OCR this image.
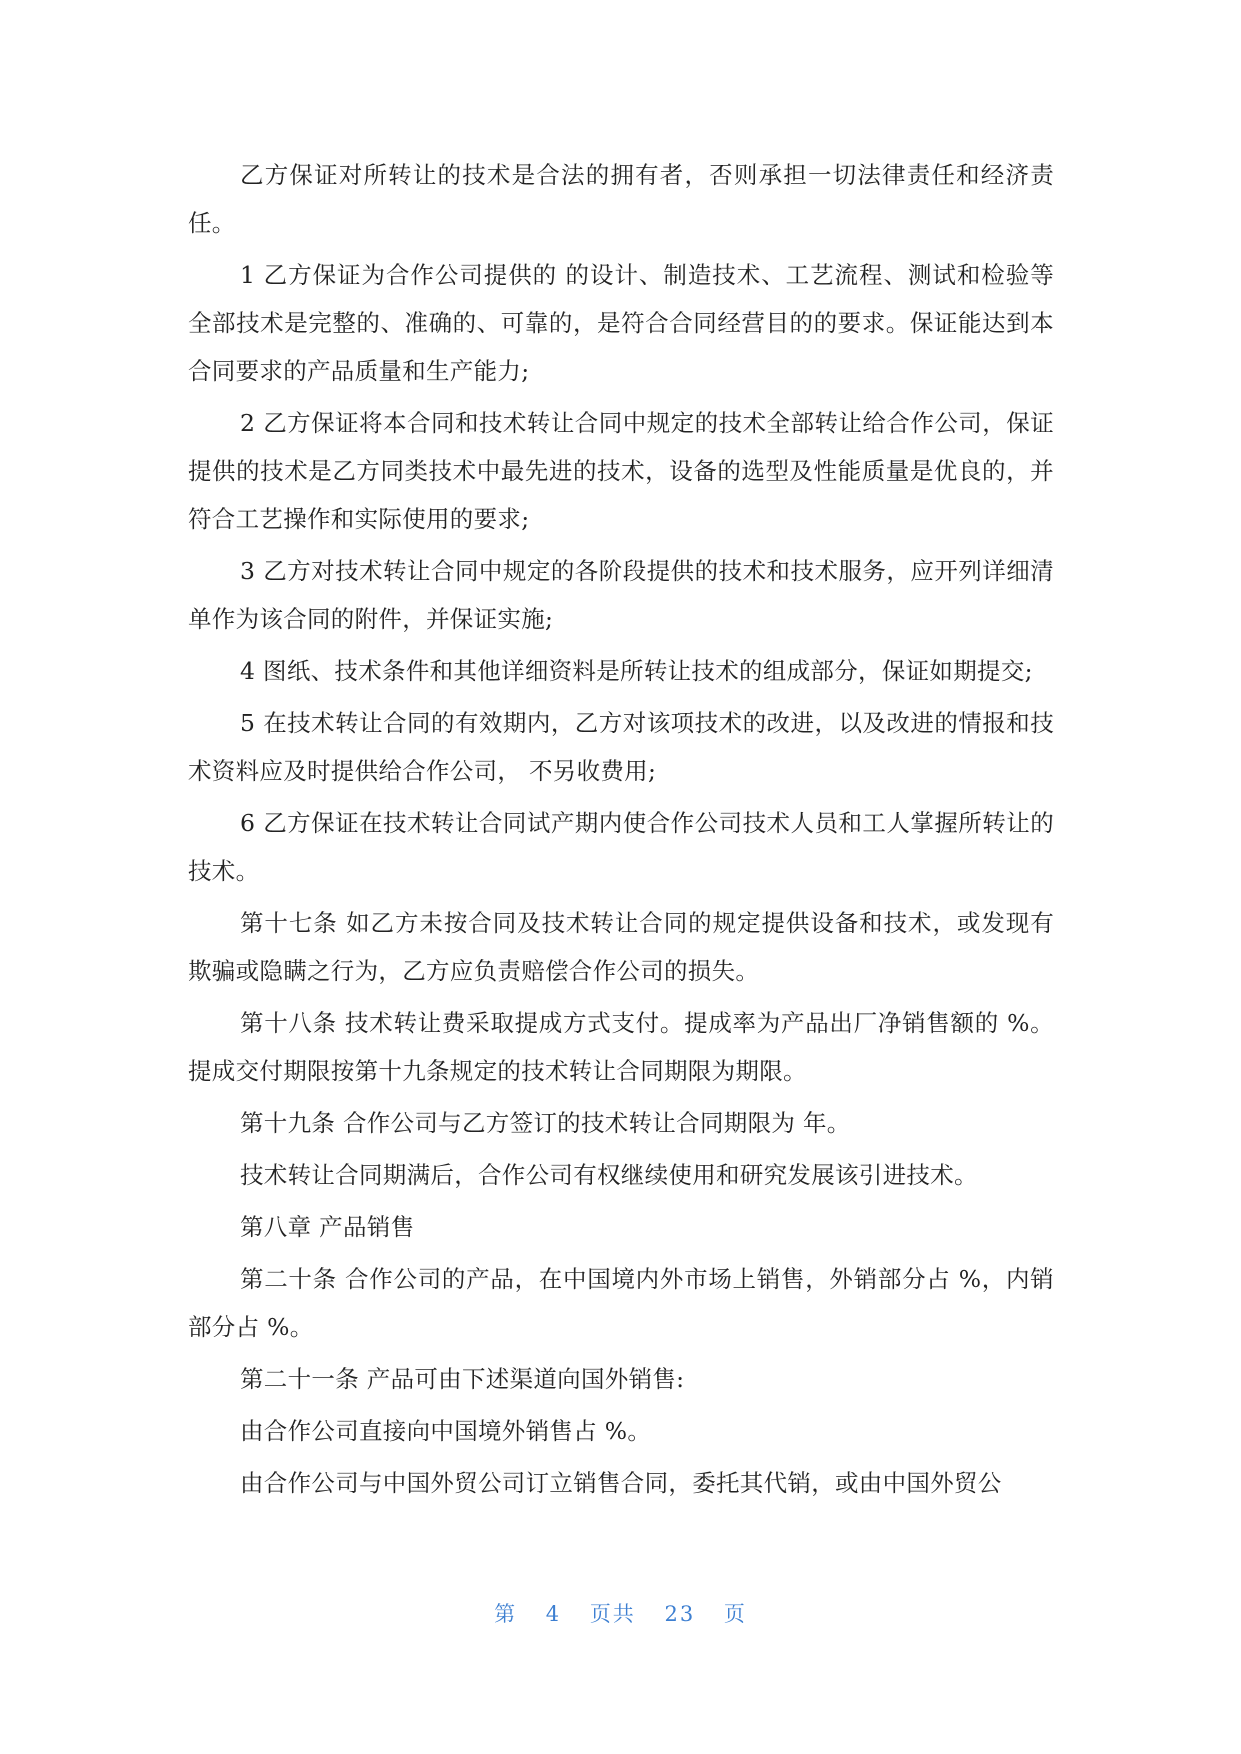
乙方保证对所转让的技术是合法的拥有者，否则承担一切法律责任和经济责任。

1 乙方保证为合作公司提供的 的设计、制造技术、工艺流程、测试和检验等全部技术是完整的、准确的、可靠的，是符合合同经营目的的要求。保证能达到本合同要求的产品质量和生产能力;

2 乙方保证将本合同和技术转让合同中规定的技术全部转让给合作公司，保证提供的技术是乙方同类技术中最先进的技术，设备的选型及性能质量是优良的，并符合工艺操作和实际使用的要求;

3 乙方对技术转让合同中规定的各阶段提供的技术和技术服务，应开列详细清单作为该合同的附件，并保证实施;

4 图纸、技术条件和其他详细资料是所转让技术的组成部分，保证如期提交;

5 在技术转让合同的有效期内，乙方对该项技术的改进，以及改进的情报和技术资料应及时提供给合作公司， 不另收费用;

6 乙方保证在技术转让合同试产期内使合作公司技术人员和工人掌握所转让的技术。

第十七条 如乙方未按合同及技术转让合同的规定提供设备和技术，或发现有欺骗或隐瞒之行为，乙方应负责赔偿合作公司的损失。

第十八条 技术转让费采取提成方式支付。提成率为产品出厂净销售额的 %。提成交付期限按第十九条规定的技术转让合同期限为期限。

第十九条 合作公司与乙方签订的技术转让合同期限为 年。

技术转让合同期满后，合作公司有权继续使用和研究发展该引进技术。

第八章 产品销售

第二十条 合作公司的产品，在中国境内外市场上销售，外销部分占 %，内销部分占 %。

第二十一条 产品可由下述渠道向国外销售:

由合作公司直接向中国境外销售占 %。

由合作公司与中国外贸公司订立销售合同，委托其代销，或由中国外贸公

第 4 页共 23 页
